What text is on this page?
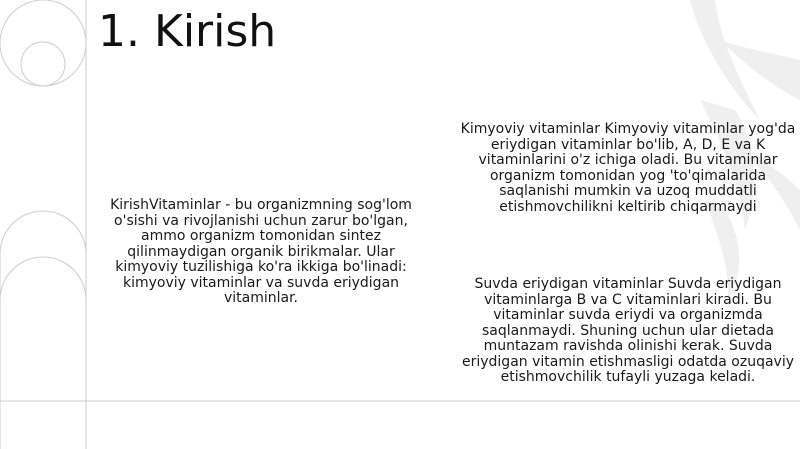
1. Kirish

KirishVitaminlar - bu organizmning sog'lom o'sishi va rivojlanishi uchun zarur bo'lgan, ammo organizm tomonidan sintez qilinmaydigan organik birikmalar. Ular kimyoviy tuzilishiga ko'ra ikkiga bo'linadi: kimyoviy vitaminlar va suvda eriydigan vitaminlar.

Kimyoviy vitaminlar Kimyoviy vitaminlar yog'da eriydigan vitaminlar bo'lib, A, D, E va K vitaminlarini o'z ichiga oladi. Bu vitaminlar organizm tomonidan yog 'to'qimalarida saqlanishi mumkin va uzoq muddatli etishmovchilikni keltirib chiqarmaydi

Suvda eriydigan vitaminlar Suvda eriydigan vitaminlarga B va C vitaminlari kiradi. Bu vitaminlar suvda eriydi va organizmda saqlanmaydi. Shuning uchun ular dietada muntazam ravishda olinishi kerak. Suvda eriydigan vitamin etishmasligi odatda ozuqaviy etishmovchilik tufayli yuzaga keladi.
